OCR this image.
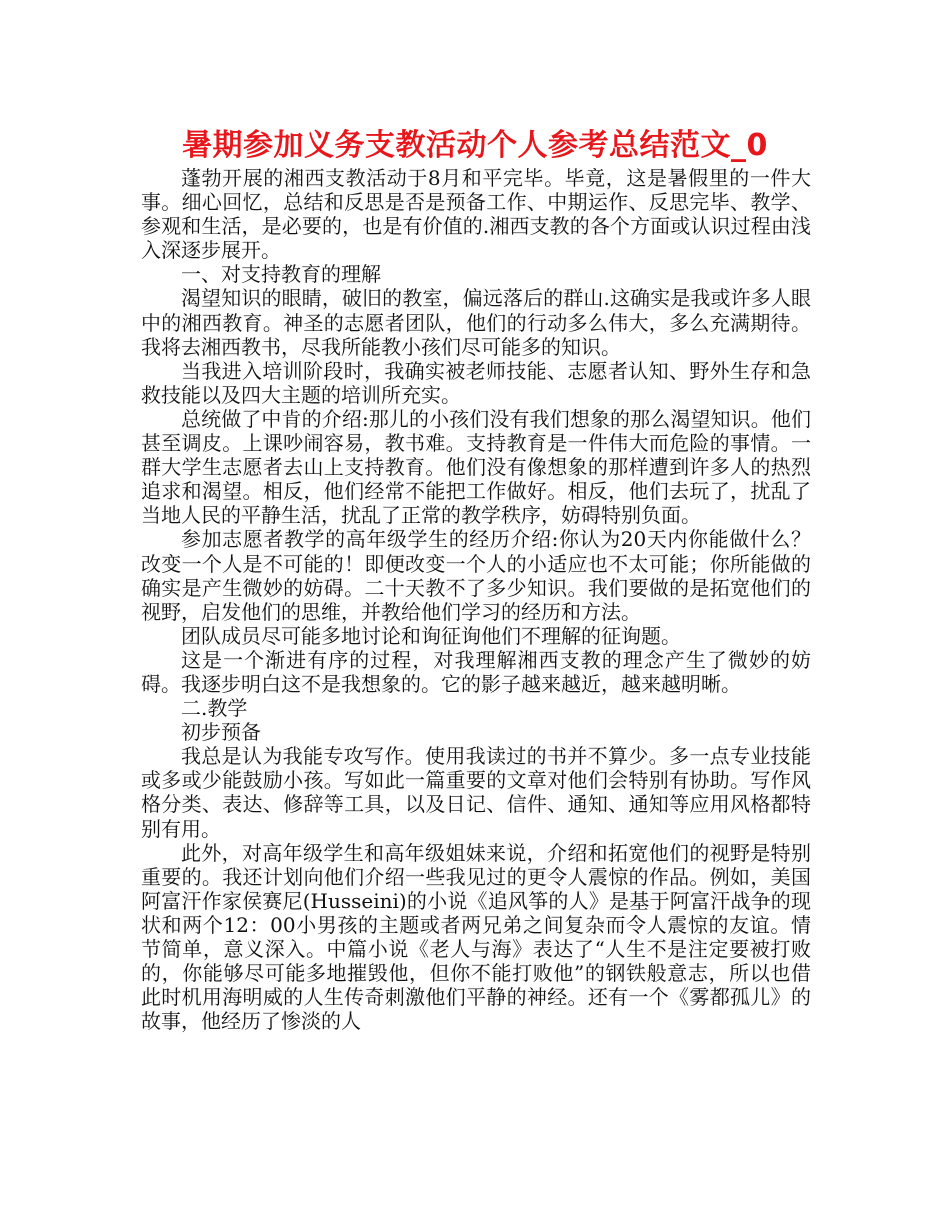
暑期参加义务支教活动个人参考总结范文_0

蓬勃开展的湘西支教活动于8月和平完毕。毕竟，这是暑假里的一件大事。细心回忆，总结和反思是否是预备工作、中期运作、反思完毕、教学、参观和生活，是必要的，也是有价值的.湘西支教的各个方面或认识过程由浅入深逐步展开。

一、对支持教育的理解

渴望知识的眼睛，破旧的教室，偏远落后的群山.这确实是我或许多人眼中的湘西教育。神圣的志愿者团队，他们的行动多么伟大，多么充满期待。我将去湘西教书，尽我所能教小孩们尽可能多的知识。

当我进入培训阶段时，我确实被老师技能、志愿者认知、野外生存和急救技能以及四大主题的培训所充实。

总统做了中肯的介绍:那儿的小孩们没有我们想象的那么渴望知识。他们甚至调皮。上课吵闹容易，教书难。支持教育是一件伟大而危险的事情。一群大学生志愿者去山上支持教育。他们没有像想象的那样遭到许多人的热烈追求和渴望。相反，他们经常不能把工作做好。相反，他们去玩了，扰乱了当地人民的平静生活，扰乱了正常的教学秩序，妨碍特别负面。

参加志愿者教学的高年级学生的经历介绍:你认为20天内你能做什么？改变一个人是不可能的！即便改变一个人的小适应也不太可能；你所能做的确实是产生微妙的妨碍。二十天教不了多少知识。我们要做的是拓宽他们的视野，启发他们的思维，并教给他们学习的经历和方法。

团队成员尽可能多地讨论和询征询他们不理解的征询题。

这是一个渐进有序的过程，对我理解湘西支教的理念产生了微妙的妨碍。我逐步明白这不是我想象的。它的影子越来越近，越来越明晰。

二.教学

初步预备

我总是认为我能专攻写作。使用我读过的书并不算少。多一点专业技能或多或少能鼓励小孩。写如此一篇重要的文章对他们会特别有协助。写作风格分类、表达、修辞等工具，以及日记、信件、通知、通知等应用风格都特别有用。

此外，对高年级学生和高年级姐妹来说，介绍和拓宽他们的视野是特别重要的。我还计划向他们介绍一些我见过的更令人震惊的作品。例如，美国阿富汗作家侯赛尼(Husseini)的小说《追风筝的人》是基于阿富汗战争的现状和两个12：00小男孩的主题或者两兄弟之间复杂而令人震惊的友谊。情节简单，意义深入。中篇小说《老人与海》表达了“人生不是注定要被打败的，你能够尽可能多地摧毁他，但你不能打败他”的钢铁般意志，所以也借此时机用海明威的人生传奇刺激他们平静的神经。还有一个《雾都孤儿》的故事，他经历了惨淡的人
